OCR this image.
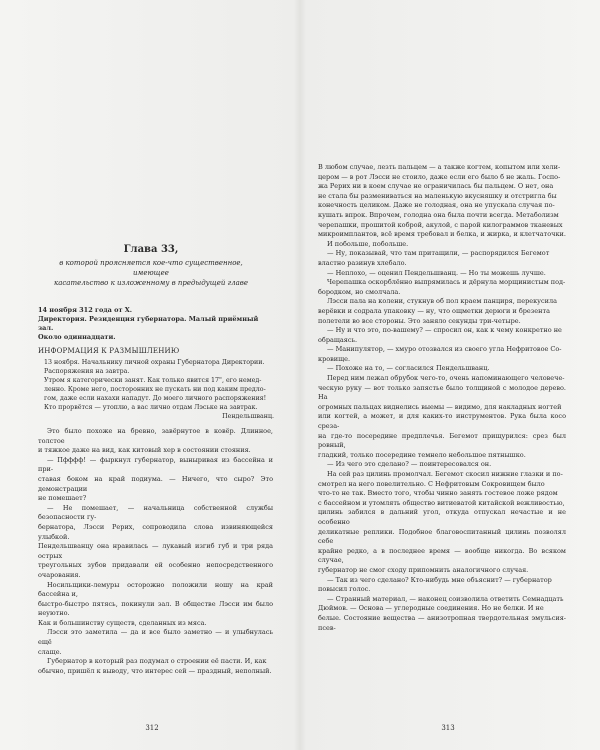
Глава 33,
в которой проясняется кое-что существенное, имеющее
касательство к изложенному в предыдущей главе
14 ноября 312 года от Х.
Директория. Резиденция губернатора. Малый приёмный зал.
Около одиннадцати.
ИНФОРМАЦИЯ К РАЗМЫШЛЕНИЮ
13 ноября. Начальнику личной охраны Губернатора Директории.
Распоряжения на завтра.
Утром я категорически занят. Как только явится 17", его немед-
ленно. Кроме него, посторонних не пускать ни под каким предло-
гом, даже если нахахи нападут. До моего личного распоряжения!
Кто прорвётся — утоплю, а вас лично отдам Лэське на завтрак.
Пендельшванц.

Это было похоже на бревно, завёрнутое в ковёр. Длинное, толстое

и тяжкое даже на вид, как китовый хер в состоянии стояния.

— Пфффф! — фыркнул губернатор, выныривая из бассейна и при-

ставая боком на край подиума. — Ничего, что сыро? Это демонстрации

не помешает?

— Не помешает, — начальница собственной службы безопасности гу-

бернатора, Лэсси Рерих, сопроводила слова извиняющейся улыбкой.

Пендельшванцу она нравилась — лукавый изгиб губ и три ряда острых

треугольных зубов придавали ей особенно непосредственного очарования.

Носильщики-лемуры осторожно положили ношу на край бассейна и,

быстро-быстро пятясь, покинули зал. В обществе Лэсси им было неуютно.

Как и большинству существ, сделанных из мяса.

Лэсси это заметила — да и все было заметно — и улыбнулась ещё

слаще.

Губернатор в который раз подумал о строении её пасти. И, как

обычно, пришёл к выводу, что интерес сей — праздный, неполный.

312

В любом случае, лезть пальцем — а также когтем, копытом или хели-

цером — в рот Лэсси не стоило, даже если его было б не жаль. Госпо-

жа Рерих ни в коем случае не ограничилась бы пальцем. О нет, она

не стала бы размениваться на маленькую вкусняшку и отстригла бы

конечность целиком. Даже не голодная, она не упускала случая по-

кушать впрок. Впрочем, голодна она была почти всегда. Метаболизм

черепашки, прошитой коброй, акулой, с парой килограммов тканевых

микроимплантов, всё время требовал и белка, и жирка, и клетчаточки.

И побольше, побольше.

— Ну, показывай, что там притащили, — распорядился Бегемот

властно разинув хлебало.

— Неплохо, — оценил Пендельшванц. — Но ты можешь лучше.

Черепашка оскорблённо выпрямилась и дёрнула морщинистым под-

бородком, но смолчала.

Лэсси пала на колени, стукнув об пол краем панциря, перекусила

верёвки и содрала упаковку — ну, что ощметки дерюги и брезента

полетели во все стороны. Это заняло секунды три-четыре.

— Ну и что это, по-вашему? — спросил он, как к чему конкретно не

обращаясь.

— Манипулятор, — хмуро отозвался из своего угла Нефритовое Со-

кровище.

— Похоже на то, — согласился Пендельшванц.

Перед ним лежал обрубок чего-то, очень напоминающего человече-

ческую руку — вот только запястье было толщиной с молодое дерево. На

огромных пальцах виднелись выемы — видимо, для накладных ногтей

или когтей, а может, и для каких-то инструментов. Рука была косо среза-

на где-то посередине предплечья. Бегемот прищурился: срез был ровный,

гладкий, только посередине темнело небольшое пятнышко.

— Из чего это сделано? — поинтересовался он.

На сей раз цилинь промолчал. Бегемот скосил нижние глазки и по-

смотрел на него повелительно. С Нефритовым Сокровищем было

что-то не так. Вместо того, чтобы чинно занять гостевое ложе рядом

с бассейном и утомлять общество витиеватой китайской вежливостью,

цилинь забился в дальний угол, откуда отпускал нечастые и не особенно

деликатные реплики. Подобное благовоспитанный цилинь позволял себе

крайне редко, а в последнее время — вообще никогда. Во всяком случае,

губернатор не смог сходу припомнить аналогичного случая.

— Так из чего сделано? Кто-нибудь мне объяснит? — губернатор

повысил голос.

— Странный материал, — наконец соизволила ответить Семнадцать

Дюймов. — Основа — углеродные соединения. Но не белки. И не

белые. Состояние вещества — анизотропная твердотельная эмульсия-псев-

313
